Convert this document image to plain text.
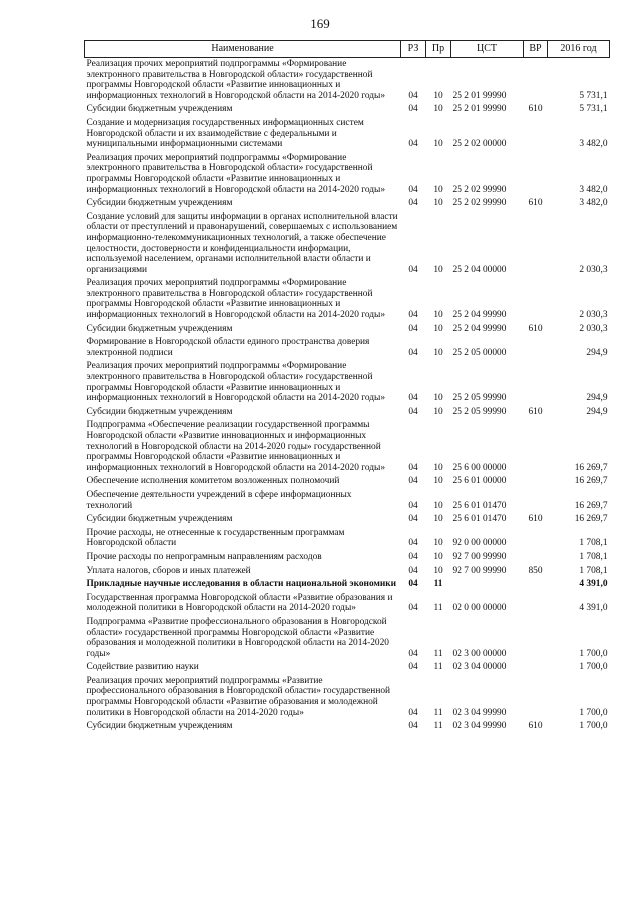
169
Наименование	РЗ	Пр	ЦСТ	ВР	2016 год
Реализация прочих мероприятий подпрограммы «Формирование электронного правительства в Новгородской области» государственной программы Новгородской области «Развитие инновационных и информационных технологий в Новгородской области на 2014-2020 годы»	04	10	25 2 01 99990		5 731,1
Субсидии бюджетным учреждениям	04	10	25 2 01 99990	610	5 731,1
Создание и модернизация государственных информационных систем Новгородской области и их взаимодействие с федеральными и муниципальными информационными системами	04	10	25 2 02 00000		3 482,0
Реализация прочих мероприятий подпрограммы «Формирование электронного правительства в Новгородской области» государственной программы Новгородской области «Развитие инновационных и информационных технологий в Новгородской области на 2014-2020 годы»	04	10	25 2 02 99990		3 482,0
Субсидии бюджетным учреждениям	04	10	25 2 02 99990	610	3 482,0
Создание условий для защиты информации в органах исполнительной власти области от преступлений и правонарушений, совершаемых с использованием информационно-телекоммуникационных технологий, а также обеспечение целостности, достоверности и конфиденциальности информации, используемой населением, органами исполнительной власти области и организациями	04	10	25 2 04 00000		2 030,3
Реализация прочих мероприятий подпрограммы «Формирование электронного правительства в Новгородской области» государственной программы Новгородской области «Развитие инновационных и информационных технологий в Новгородской области на 2014-2020 годы»	04	10	25 2 04 99990		2 030,3
Субсидии бюджетным учреждениям	04	10	25 2 04 99990	610	2 030,3
Формирование в Новгородской области единого пространства доверия электронной подписи	04	10	25 2 05 00000		294,9
Реализация прочих мероприятий подпрограммы «Формирование электронного правительства в Новгородской области» государственной программы Новгородской области «Развитие инновационных и информационных технологий в Новгородской области на 2014-2020 годы»	04	10	25 2 05 99990		294,9
Субсидии бюджетным учреждениям	04	10	25 2 05 99990	610	294,9
Подпрограмма «Обеспечение реализации государственной программы Новгородской области «Развитие инновационных и информационных технологий в Новгородской области на 2014-2020 годы» государственной программы Новгородской области «Развитие инновационных и информационных технологий в Новгородской области на 2014-2020 годы»	04	10	25 6 00 00000		16 269,7
Обеспечение исполнения комитетом возложенных полномочий	04	10	25 6 01 00000		16 269,7
Обеспечение деятельности учреждений в сфере информационных технологий	04	10	25 6 01 01470		16 269,7
Субсидии бюджетным учреждениям	04	10	25 6 01 01470	610	16 269,7
Прочие расходы, не отнесенные к государственным программам Новгородской области	04	10	92 0 00 00000		1 708,1
Прочие расходы по непрограмным направлениям расходов	04	10	92 7 00 99990		1 708,1
Уплата налогов, сборов и иных платежей	04	10	92 7 00 99990	850	1 708,1
Прикладные научные исследования в области национальной экономики	04	11			4 391,0
Государственная программа Новгородской области «Развитие образования и молодежной политики в Новгородской области на 2014-2020 годы»	04	11	02 0 00 00000		4 391,0
Подпрограмма «Развитие профессионального образования в Новгородской области» государственной программы Новгородской области «Развитие образования и молодежной политики в Новгородской области на 2014-2020 годы»	04	11	02 3 00 00000		1 700,0
Содействие развитию науки	04	11	02 3 04 00000		1 700,0
Реализация прочих мероприятий подпрограммы «Развитие профессионального образования в Новгородской области» государственной программы Новгородской области «Развитие образования и молодежной политики в Новгородской области на 2014-2020 годы»	04	11	02 3 04 99990		1 700,0
Субсидии бюджетным учреждениям	04	11	02 3 04 99990	610	1 700,0
